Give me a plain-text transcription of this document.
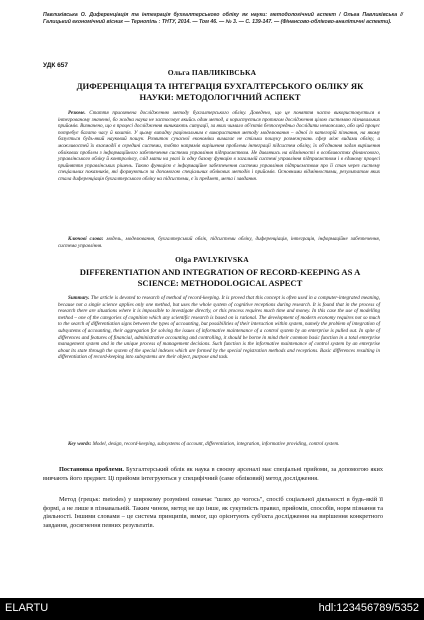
Павликівська О. Диференціація та інтеграція бухгалтерського обліку як науки: методологічний аспект / Ольга Павликівська // Галицький економічний вісник — Тернопіль : ТНТУ, 2014. — Том 46. — № 3. — С. 139-147. — (Фінансово-обліково-аналітичні аспекти).
УДК 657
Ольга ПАВЛИКІВСЬКА
ДИФЕРЕНЦІАЦІЯ ТА ІНТЕГРАЦІЯ БУХГАЛТЕРСЬКОГО ОБЛІКУ ЯК НАУКИ: МЕТОДОЛОГІЧНИЙ АСПЕКТ
Резюме. Стаття присвячена дослідженню методу бухгалтерського обліку. Доведено, що це поняття часто використовується в інтегрованому значенні, бо жодна наука не застосовує якийсь один метод, а користується протягом дослідження цілою системою пізнавальних прийомів. Визначено, що в процесі дослідження виникають ситуації, за яких чимало об'єктів безпосередньо дослідити неможливо, або цей процес потребує багато часу й коштів. У цьому випадку раціональним є використання методу моделювання – одної із категорій пізнання, на якому базується будь-який науковий пошук. Розвиток сучасної економіки вимагає не стільки пошуку розмежувань сфер між видами обліку, а можливостей їх взаємодії в середині системи, тобто напрямів вирішення проблеми інтеграції підсистем обліку, їх об'єднання задля вирішення облікових проблем з інформаційного забезпечення системи управління підприємством. Не дивлячись на відмінності в особливостях фінансового, управлінського обліку й контролінгу, слід мати на увазі їх одну базову функцію в загальній системі управління підприємством і в єдиному процесі прийняття управлінських рішень. Такою функцією є інформаційне забезпечення системи управління підприємством про її стан через систему спеціальних показників, які формуються за допомогою спеціальних облікових методів і прийомів. Основними відмінностями, результатом яких стала диференціація бухгалтерського обліку на підсистеми, є їх предмет, мета і завдання.
Ключові слова: модель, моделювання, бухгалтерський облік, підсистеми обліку, диференціація, інтеграція, інформаційне забезпечення, система управління.
Olga PAVLYKIVSKA
DIFFERENTIATION AND INTEGRATION OF RECORD-KEEPING AS A SCIENCE: METHODOLOGICAL ASPECT
Summary. The article is devoted to research of method of record-keeping. It is proved that this concept is often used in a computer-integrated meaning, because not a single science applies only one method, but uses the whole system of cognitive receptions during research. It is found that in the process of research there are situations where it is impossible to investigate directly, or this process requires much time and money. In this case the use of modelling method – one of the categories of cognition which any scientific research is based on is rational. The development of modern economy requires not so much to the search of differentiation signs between the types of accounting, but possibilities of their interaction within system, namely the problem of integration of subsystems of accounting, their aggregation for solving the issues of informative maintenance of a control system by an enterprise is pulled out. In spite of differences and features of financial, administrative accounting and controlling, it should be borne in mind their common basic function in a total enterprise management system and in the unique process of management decisions. Such function is the informative maintenance of control system by an enterprise about its state through the system of the special indexes which are formed by the special registration methods and receptions. Basic differences resulting in differentiation of record-keeping into subsystems are their object, purpose and task.
Key words: Model, design, record-keeping, subsystems of account, differentiation, integration, informative providing, control system.
Постановка проблеми. Бухгалтерський облік як наука в своєму арсеналі має спеціальні прийоми, за допомогою яких вивчають його предмет. Ці прийоми інтегруються у специфічний (саме обліковий) метод дослідження.
Метод (грецьк: metodes) у широкому розумінні означає "шлях до чогось", спосіб соціальної діяльності в будь-якій її формі, а не лише в пізнавальній. Таким чином, метод не що інше, як сукупність правил, прийомів, способів, норм пізнання та діяльності. Іншими словами – це система принципів, вимог, що орієнтують суб'єкта дослідження на вирішення конкретного завдання, досягнення певних результатів.
ELARTU	hdl:123456789/5352
